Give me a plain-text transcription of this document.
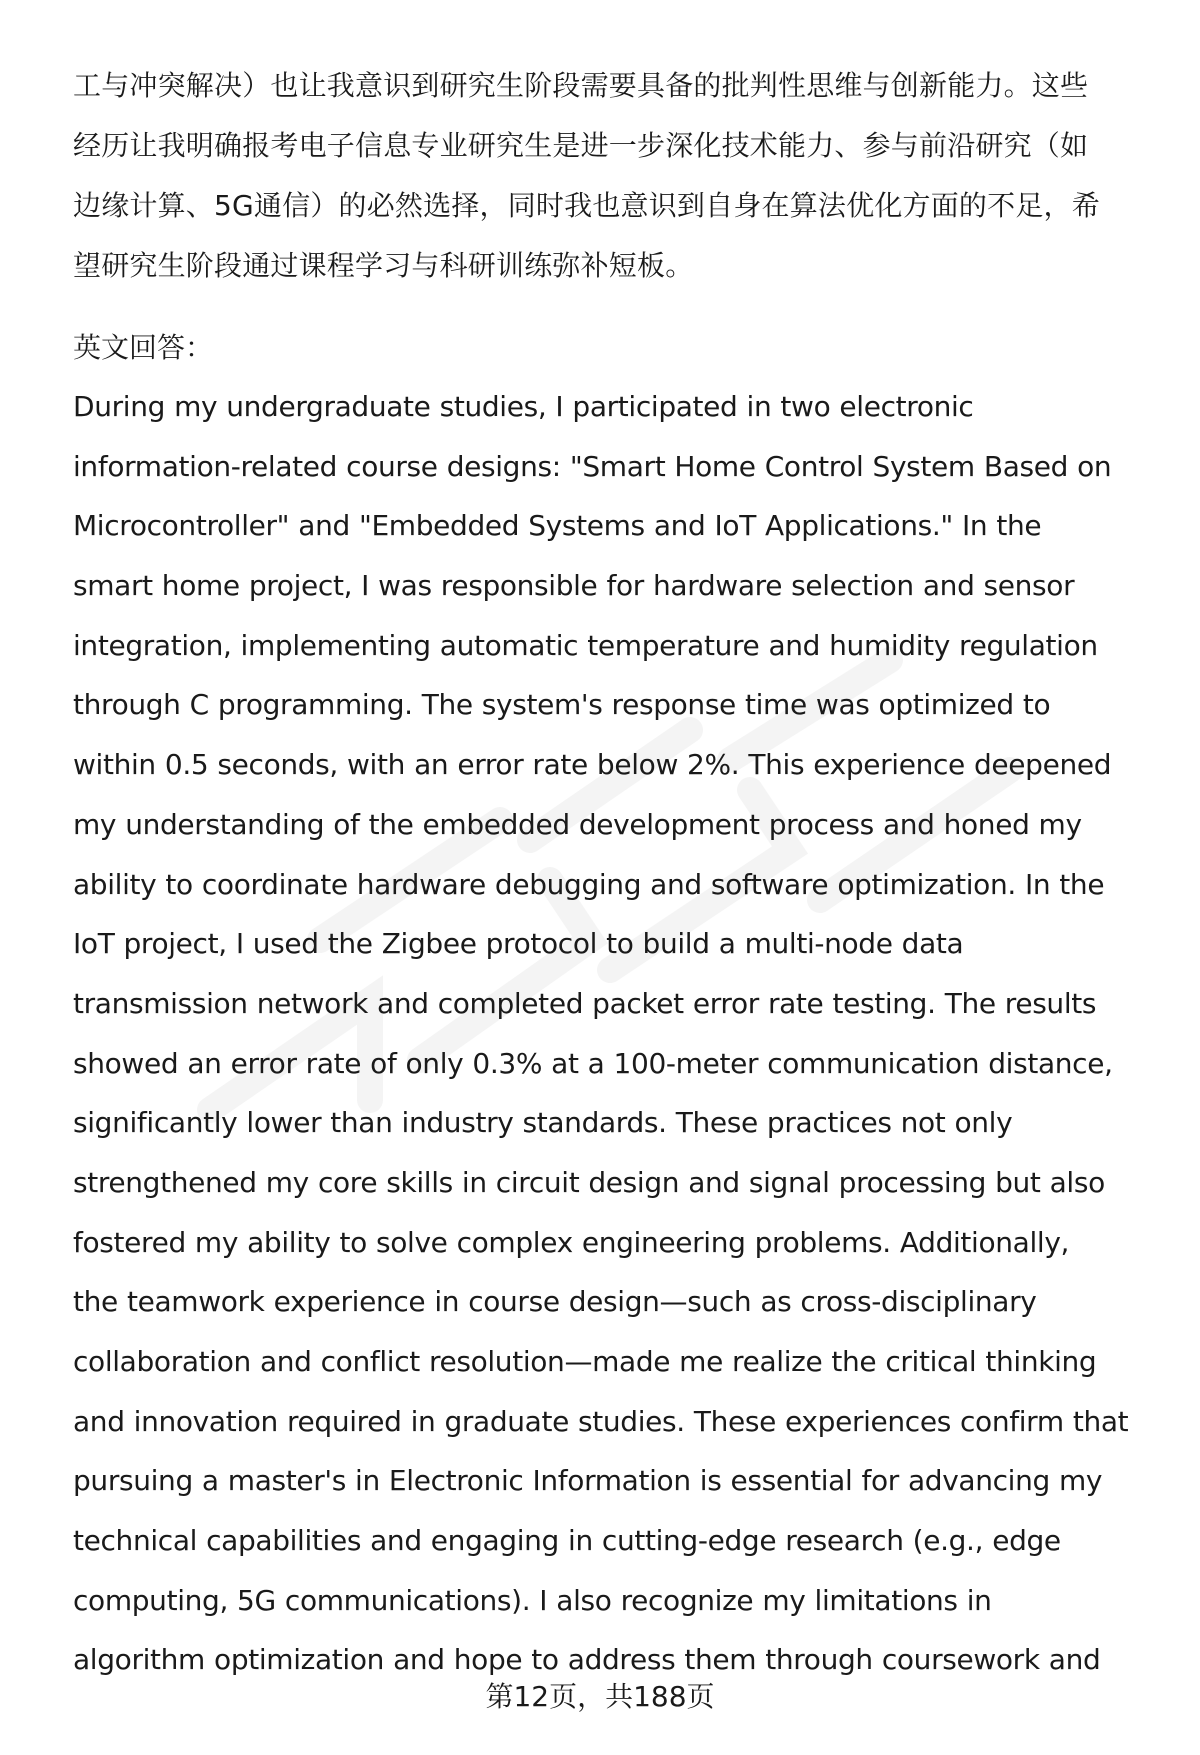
工与冲突解决）也让我意识到研究生阶段需要具备的批判性思维与创新能力。这些
经历让我明确报考电子信息专业研究生是进一步深化技术能力、参与前沿研究（如
边缘计算、5G通信）的必然选择，同时我也意识到自身在算法优化方面的不足，希
望研究生阶段通过课程学习与科研训练弥补短板。
英文回答：
During my undergraduate studies, I participated in two electronic
information-related course designs: "Smart Home Control System Based on
Microcontroller" and "Embedded Systems and IoT Applications." In the
smart home project, I was responsible for hardware selection and sensor
integration, implementing automatic temperature and humidity regulation
through C programming. The system's response time was optimized to
within 0.5 seconds, with an error rate below 2%. This experience deepened
my understanding of the embedded development process and honed my
ability to coordinate hardware debugging and software optimization. In the
IoT project, I used the Zigbee protocol to build a multi-node data
transmission network and completed packet error rate testing. The results
showed an error rate of only 0.3% at a 100-meter communication distance,
significantly lower than industry standards. These practices not only
strengthened my core skills in circuit design and signal processing but also
fostered my ability to solve complex engineering problems. Additionally,
the teamwork experience in course design—such as cross-disciplinary
collaboration and conflict resolution—made me realize the critical thinking
and innovation required in graduate studies. These experiences confirm that
pursuing a master's in Electronic Information is essential for advancing my
technical capabilities and engaging in cutting-edge research (e.g., edge
computing, 5G communications). I also recognize my limitations in
algorithm optimization and hope to address them through coursework and
第12页，共188页
